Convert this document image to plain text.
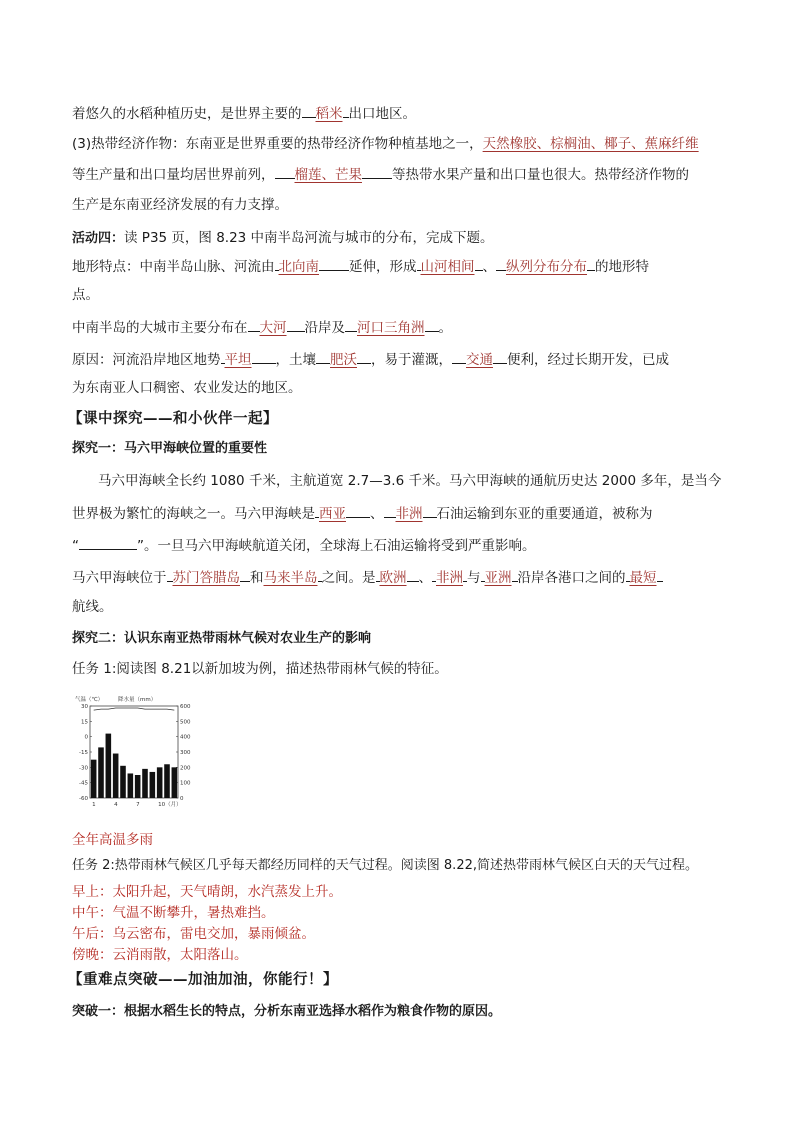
着悠久的水稻种植历史，是世界主要的 稻米 出口地区。
(3)热带经济作物：东南亚是世界重要的热带经济作物种植基地之一，天然橡胶、棕榈油、椰子、蕉麻纤维
等生产量和出口量均居世界前列， 榴莲、芒果 等热带水果产量和出口量也很大。热带经济作物的
生产是东南亚经济发展的有力支撑。
活动四：读 P35 页，图 8.23 中南半岛河流与城市的分布，完成下题。
地形特点：中南半岛山脉、河流由 北向南 延伸，形成 山河相间 、 纵列分布分布 的地形特
点。
中南半岛的大城市主要分布在 大河 沿岸及 河口三角洲 。
原因：河流沿岸地区地势 平坦 ，土壤 肥沃 ，易于灌溉， 交通 便利，经过长期开发，已成
为东南亚人口稠密、农业发达的地区。
【课中探究——和小伙伴一起】
探究一：马六甲海峡位置的重要性
马六甲海峡全长约 1080 千米，主航道宽 2.7—3.6 千米。马六甲海峡的通航历史达 2000 多年，是当今
世界极为繁忙的海峡之一。马六甲海峡是 西亚 、 非洲 石油运输到东亚的重要通道，被称为
“	”。一旦马六甲海峡航道关闭，全球海上石油运输将受到严重影响。
马六甲海峡位于 苏门答腊岛 和马来半岛 之间。是 欧洲 、 非洲 与 亚洲 沿岸各港口之间的 最短
航线。
探究二：认识东南亚热带雨林气候对农业生产的影响
任务 1:阅读图 8.21以新加坡为例，描述热带雨林气候的特征。
气温（℃）	降水量（mm）
30
15
0
-15
-30
-45
-60
600
500
400
300
200
100
0
1	4	7	10（月）
全年高温多雨
任务 2:热带雨林气候区几乎每天都经历同样的天气过程。阅读图 8.22,简述热带雨林气候区白天的天气过程。
早上：太阳升起，天气晴朗，水汽蒸发上升。
中午：气温不断攀升，暑热难挡。
午后：乌云密布，雷电交加，暴雨倾盆。
傍晚：云消雨散，太阳落山。
【重难点突破——加油加油，你能行！】
突破一：根据水稻生长的特点，分析东南亚选择水稻作为粮食作物的原因。
